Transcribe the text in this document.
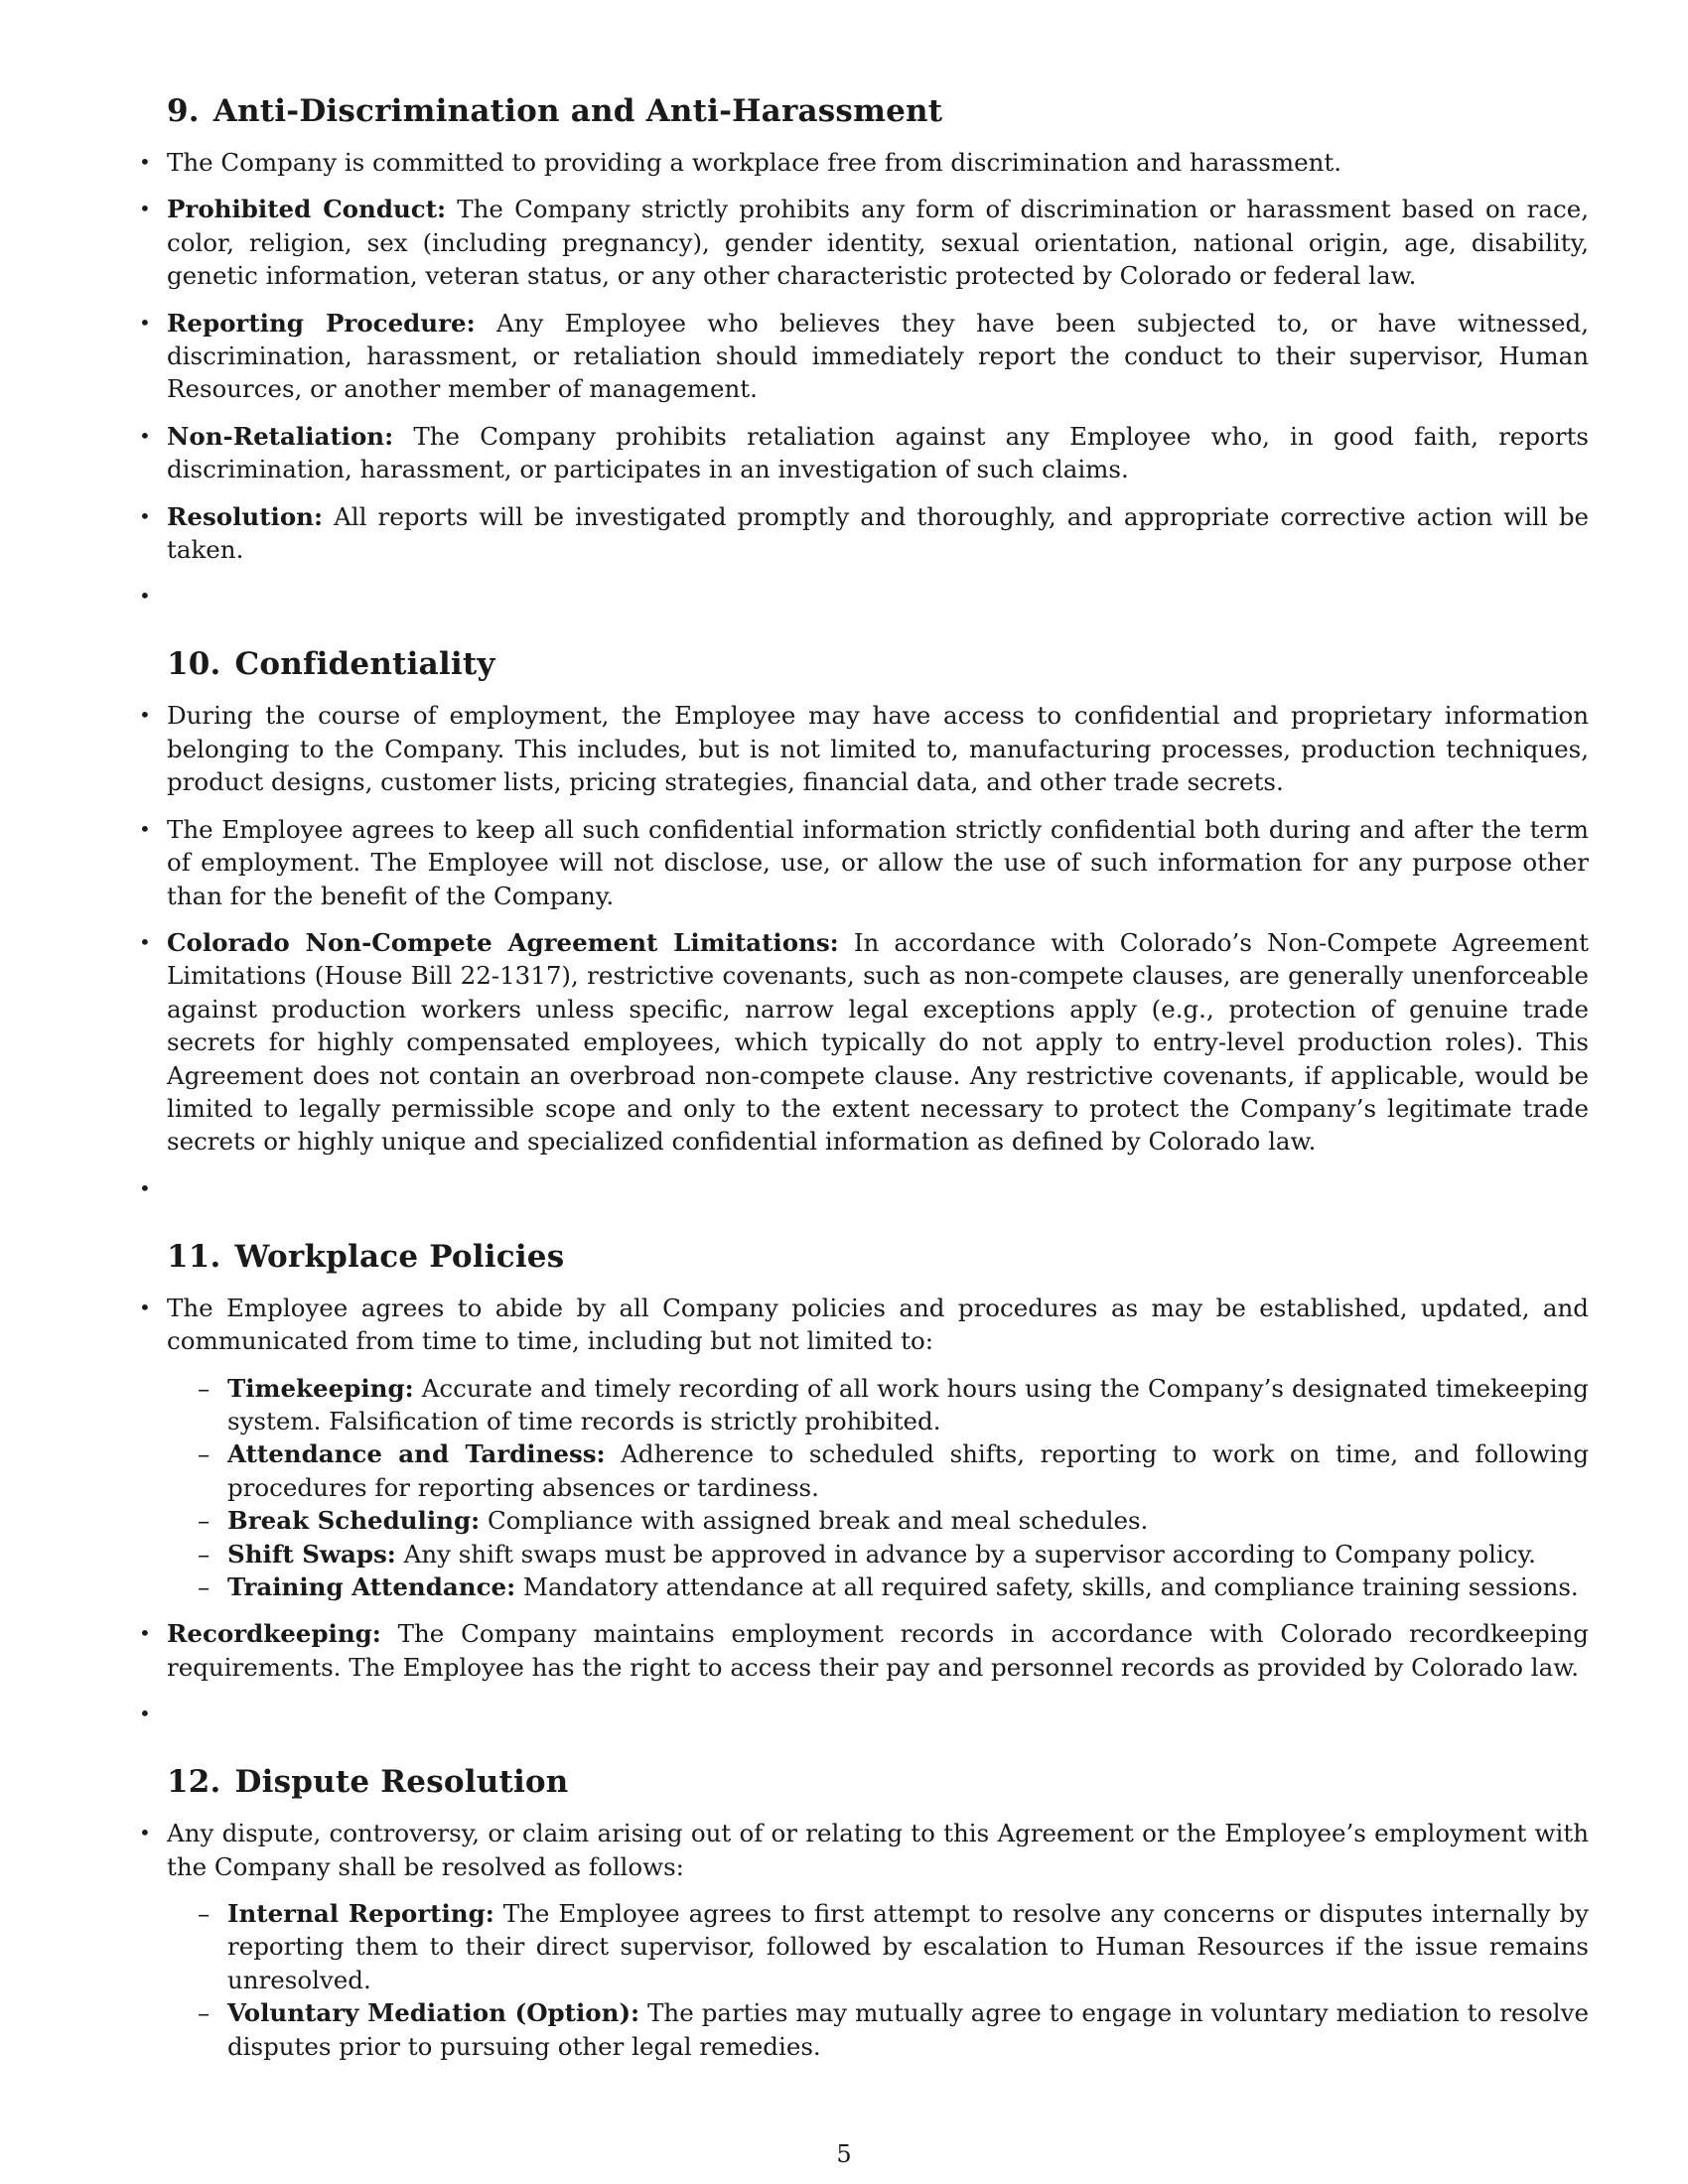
9. Anti-Discrimination and Anti-Harassment
• The Company is committed to providing a workplace free from discrimination and harassment.
• Prohibited Conduct: The Company strictly prohibits any form of discrimination or harassment based on race, color, religion, sex (including pregnancy), gender identity, sexual orientation, national origin, age, disability, genetic information, veteran status, or any other characteristic protected by Colorado or federal law.
• Reporting Procedure: Any Employee who believes they have been subjected to, or have witnessed, discrimination, harassment, or retaliation should immediately report the conduct to their supervisor, Human Resources, or another member of management.
• Non-Retaliation: The Company prohibits retaliation against any Employee who, in good faith, reports discrimination, harassment, or participates in an investigation of such claims.
• Resolution: All reports will be investigated promptly and thoroughly, and appropriate corrective action will be taken.
•
10. Confidentiality
• During the course of employment, the Employee may have access to confidential and proprietary information belonging to the Company. This includes, but is not limited to, manufacturing processes, production techniques, product designs, customer lists, pricing strategies, financial data, and other trade secrets.
• The Employee agrees to keep all such confidential information strictly confidential both during and after the term of employment. The Employee will not disclose, use, or allow the use of such information for any purpose other than for the benefit of the Company.
• Colorado Non-Compete Agreement Limitations: In accordance with Colorado’s Non-Compete Agreement Limitations (House Bill 22-1317), restrictive covenants, such as non-compete clauses, are generally unenforceable against production workers unless specific, narrow legal exceptions apply (e.g., protection of genuine trade secrets for highly compensated employees, which typically do not apply to entry-level production roles). This Agreement does not contain an overbroad non-compete clause. Any restrictive covenants, if applicable, would be limited to legally permissible scope and only to the extent necessary to protect the Company’s legitimate trade secrets or highly unique and specialized confidential information as defined by Colorado law.
•
11. Workplace Policies
• The Employee agrees to abide by all Company policies and procedures as may be established, updated, and communicated from time to time, including but not limited to:
– Timekeeping: Accurate and timely recording of all work hours using the Company’s designated timekeeping system. Falsification of time records is strictly prohibited.
– Attendance and Tardiness: Adherence to scheduled shifts, reporting to work on time, and following procedures for reporting absences or tardiness.
– Break Scheduling: Compliance with assigned break and meal schedules.
– Shift Swaps: Any shift swaps must be approved in advance by a supervisor according to Company policy.
– Training Attendance: Mandatory attendance at all required safety, skills, and compliance training sessions.
• Recordkeeping: The Company maintains employment records in accordance with Colorado recordkeeping requirements. The Employee has the right to access their pay and personnel records as provided by Colorado law.
•
12. Dispute Resolution
• Any dispute, controversy, or claim arising out of or relating to this Agreement or the Employee’s employment with the Company shall be resolved as follows:
– Internal Reporting: The Employee agrees to first attempt to resolve any concerns or disputes internally by reporting them to their direct supervisor, followed by escalation to Human Resources if the issue remains unresolved.
– Voluntary Mediation (Option): The parties may mutually agree to engage in voluntary mediation to resolve disputes prior to pursuing other legal remedies.
5
